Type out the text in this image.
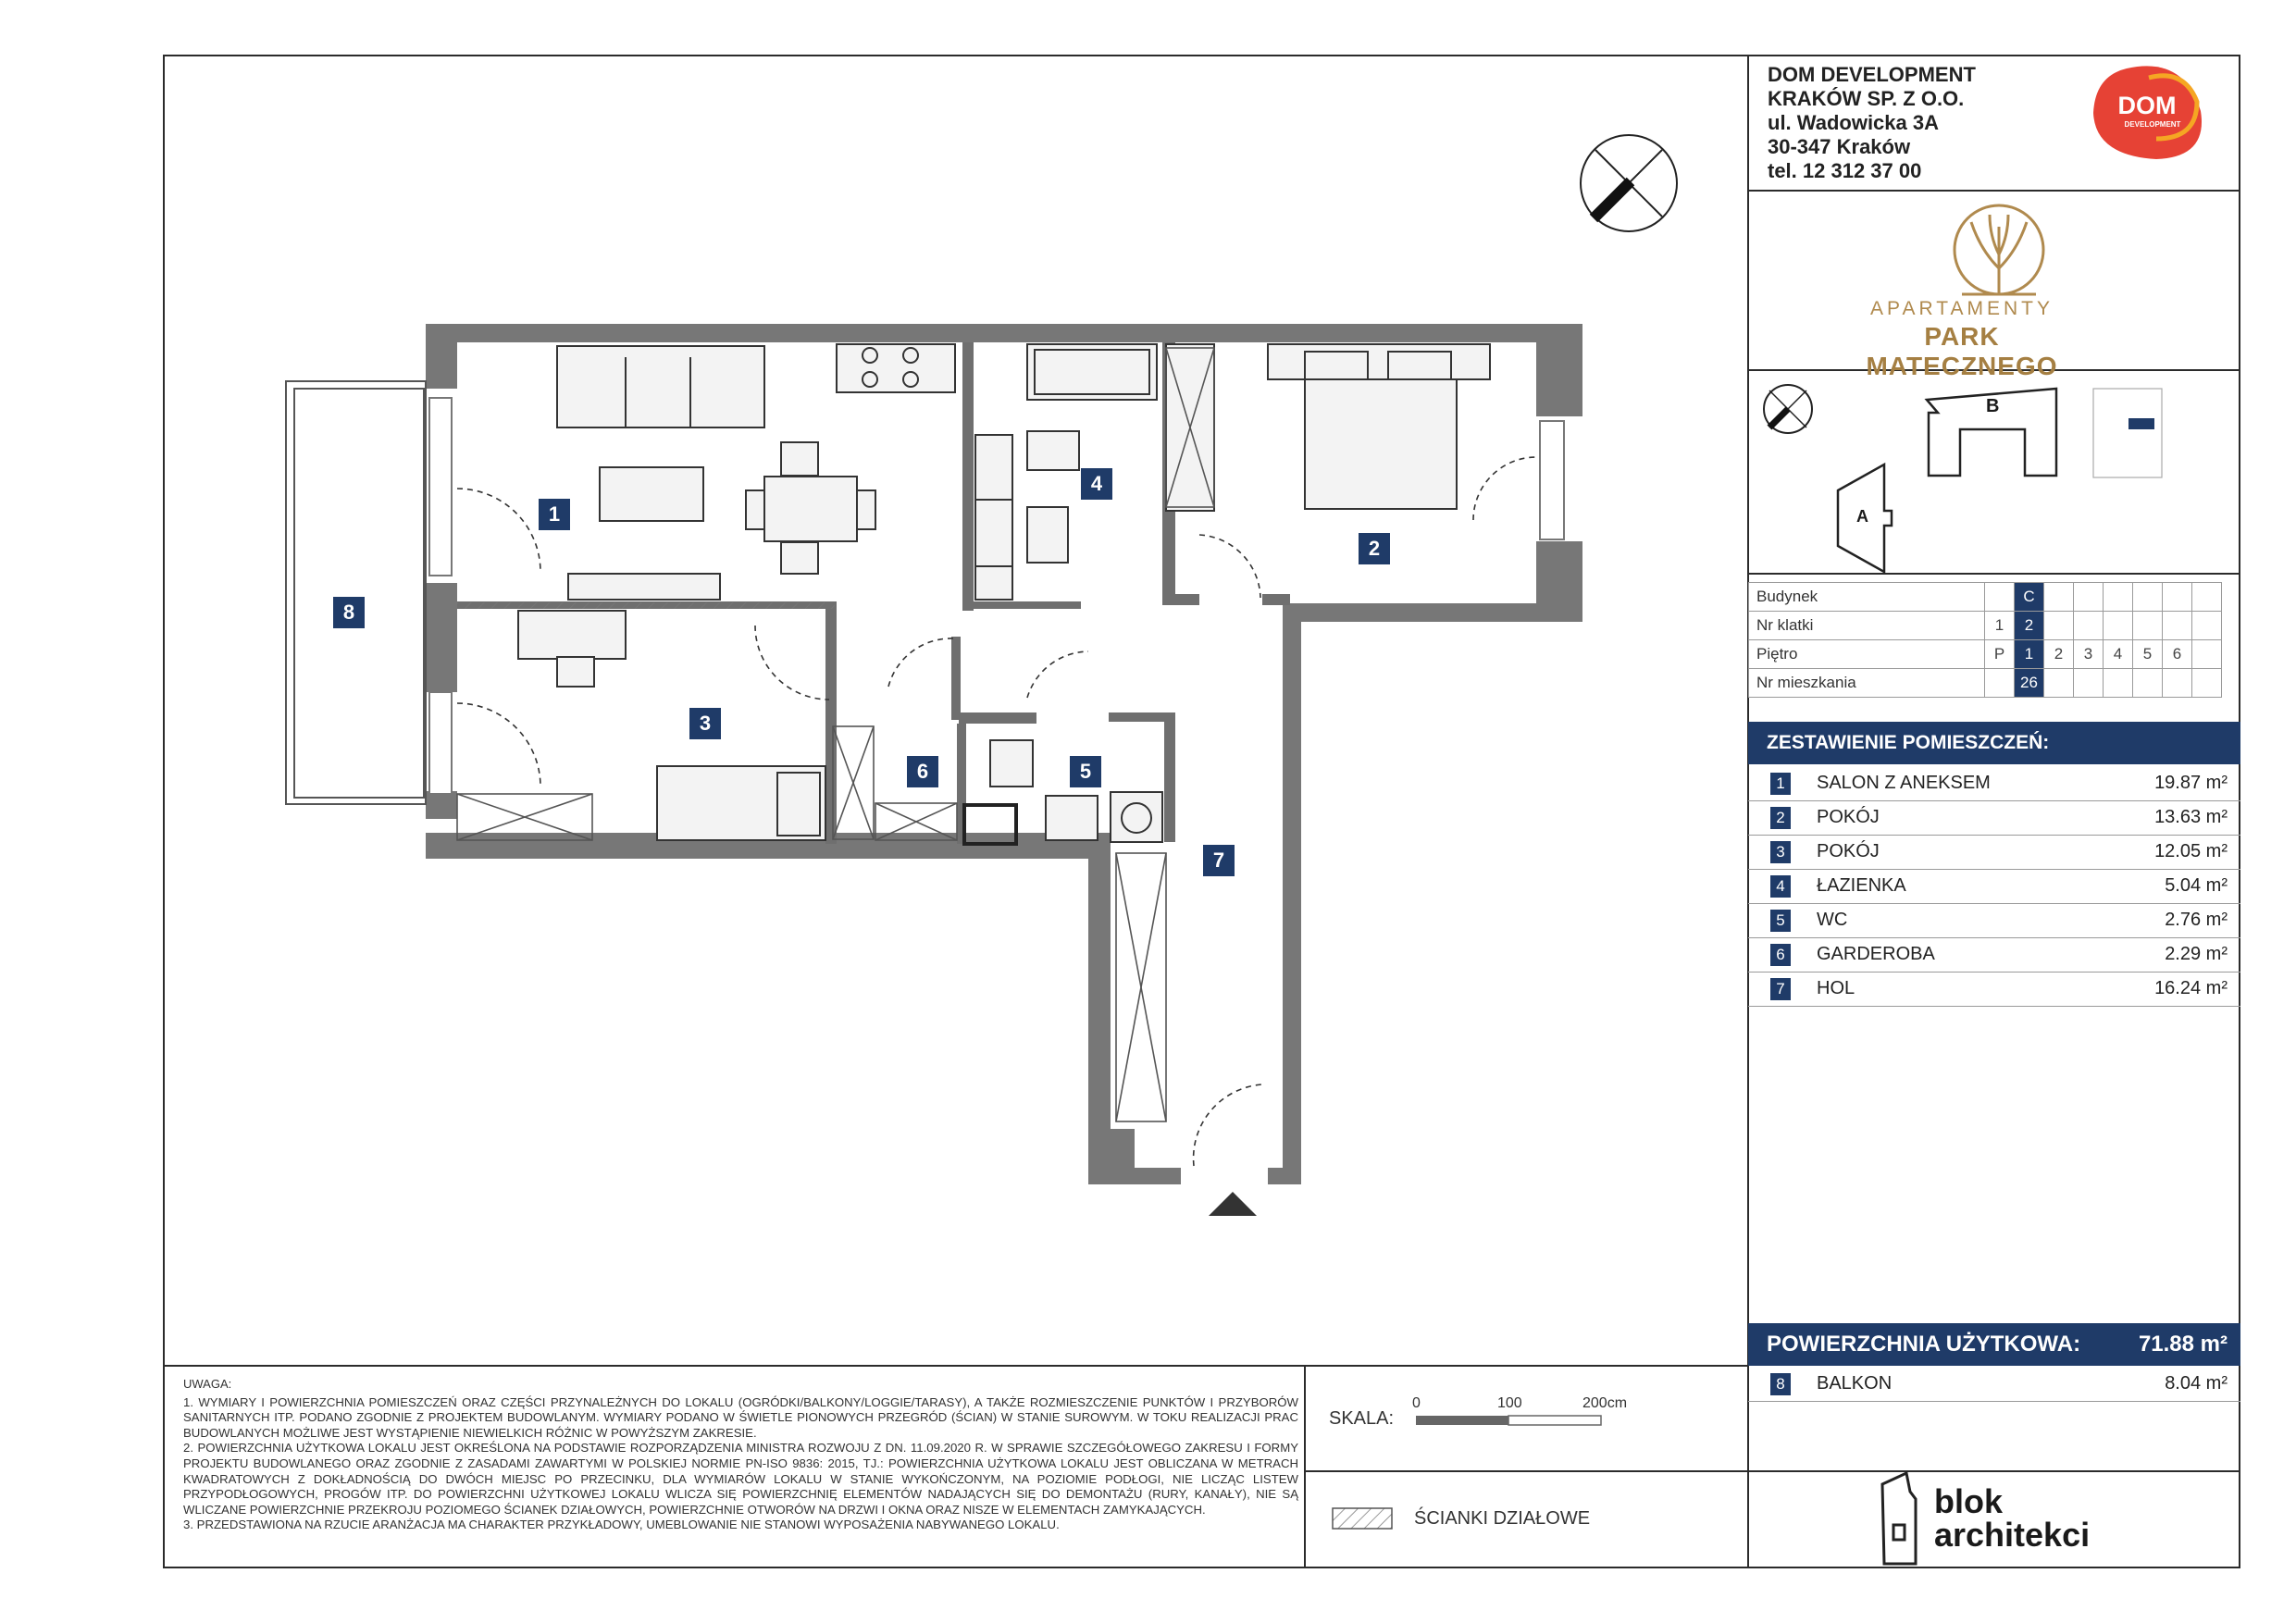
1
2
3
4
5
6
7
8
DOM DEVELOPMENT
KRAKÓW SP. Z O.O.
ul. Wadowicka 3A
30-347 Kraków
tel. 12 312 37 00
DOM
DEVELOPMENT
APARTAMENTY
PARK MATECZNEGO
B
A
Budynek		C						
Nr klatki	1	2						
Piętro	P	1	2	3	4	5	6	
Nr mieszkania		26						
ZESTAWIENIE POMIESZCZEŃ:
1	SALON Z ANEKSEM	19.87 m²
2	POKÓJ	13.63 m²
3	POKÓJ	12.05 m²
4	ŁAZIENKA	5.04 m²
5	WC	2.76 m²
6	GARDEROBA	2.29 m²
7	HOL	16.24 m²
POWIERZCHNIA UŻYTKOWA:	71.88 m²
8	BALKON	8.04 m²
UWAGA:
1. WYMIARY I POWIERZCHNIA POMIESZCZEŃ ORAZ CZĘŚCI PRZYNALEŻNYCH DO LOKALU (OGRÓDKI/BALKONY/LOGGIE/TARASY), A TAKŻE ROZMIESZCZENIE PUNKTÓW I PRZYBORÓW SANITARNYCH ITP. PODANO ZGODNIE Z PROJEKTEM BUDOWLANYM. WYMIARY PODANO W ŚWIETLE PIONOWYCH PRZEGRÓD (ŚCIAN) W STANIE SUROWYM. W TOKU REALIZACJI PRAC BUDOWLANYCH MOŻLIWE JEST WYSTĄPIENIE NIEWIELKICH RÓŻNIC W POWYŻSZYM ZAKRESIE.
2. POWIERZCHNIA UŻYTKOWA LOKALU JEST OKREŚLONA NA PODSTAWIE ROZPORZĄDZENIA MINISTRA ROZWOJU Z DN. 11.09.2020 R. W SPRAWIE SZCZEGÓŁOWEGO ZAKRESU I FORMY PROJEKTU BUDOWLANEGO ORAZ ZGODNIE Z ZASADAMI ZAWARTYMI W POLSKIEJ NORMIE PN-ISO 9836: 2015, TJ.: POWIERZCHNIA UŻYTKOWA LOKALU JEST OBLICZANA W METRACH KWADRATOWYCH Z DOKŁADNOŚCIĄ DO DWÓCH MIEJSC PO PRZECINKU, DLA WYMIARÓW LOKALU W STANIE WYKOŃCZONYM, NA POZIOMIE PODŁOGI, NIE LICZĄC LISTEW PRZYPODŁOGOWYCH, PROGÓW ITP. DO POWIERZCHNI UŻYTKOWEJ LOKALU WLICZA SIĘ POWIERZCHNIĘ ELEMENTÓW NADAJĄCYCH SIĘ DO DEMONTAŻU (RURY, KANAŁY), NIE SĄ WLICZANE POWIERZCHNIE PRZEKROJU POZIOMEGO ŚCIANEK DZIAŁOWYCH, POWIERZCHNIE OTWORÓW NA DRZWI I OKNA ORAZ NISZE W ELEMENTACH ZAMYKAJĄCYCH.
3. PRZEDSTAWIONA NA RZUCIE ARANŻACJA MA CHARAKTER PRZYKŁADOWY, UMEBLOWANIE NIE STANOWI WYPOSAŻENIA NABYWANEGO LOKALU.
SKALA:
0	100	200cm
ŚCIANKI DZIAŁOWE	blok
architekci
